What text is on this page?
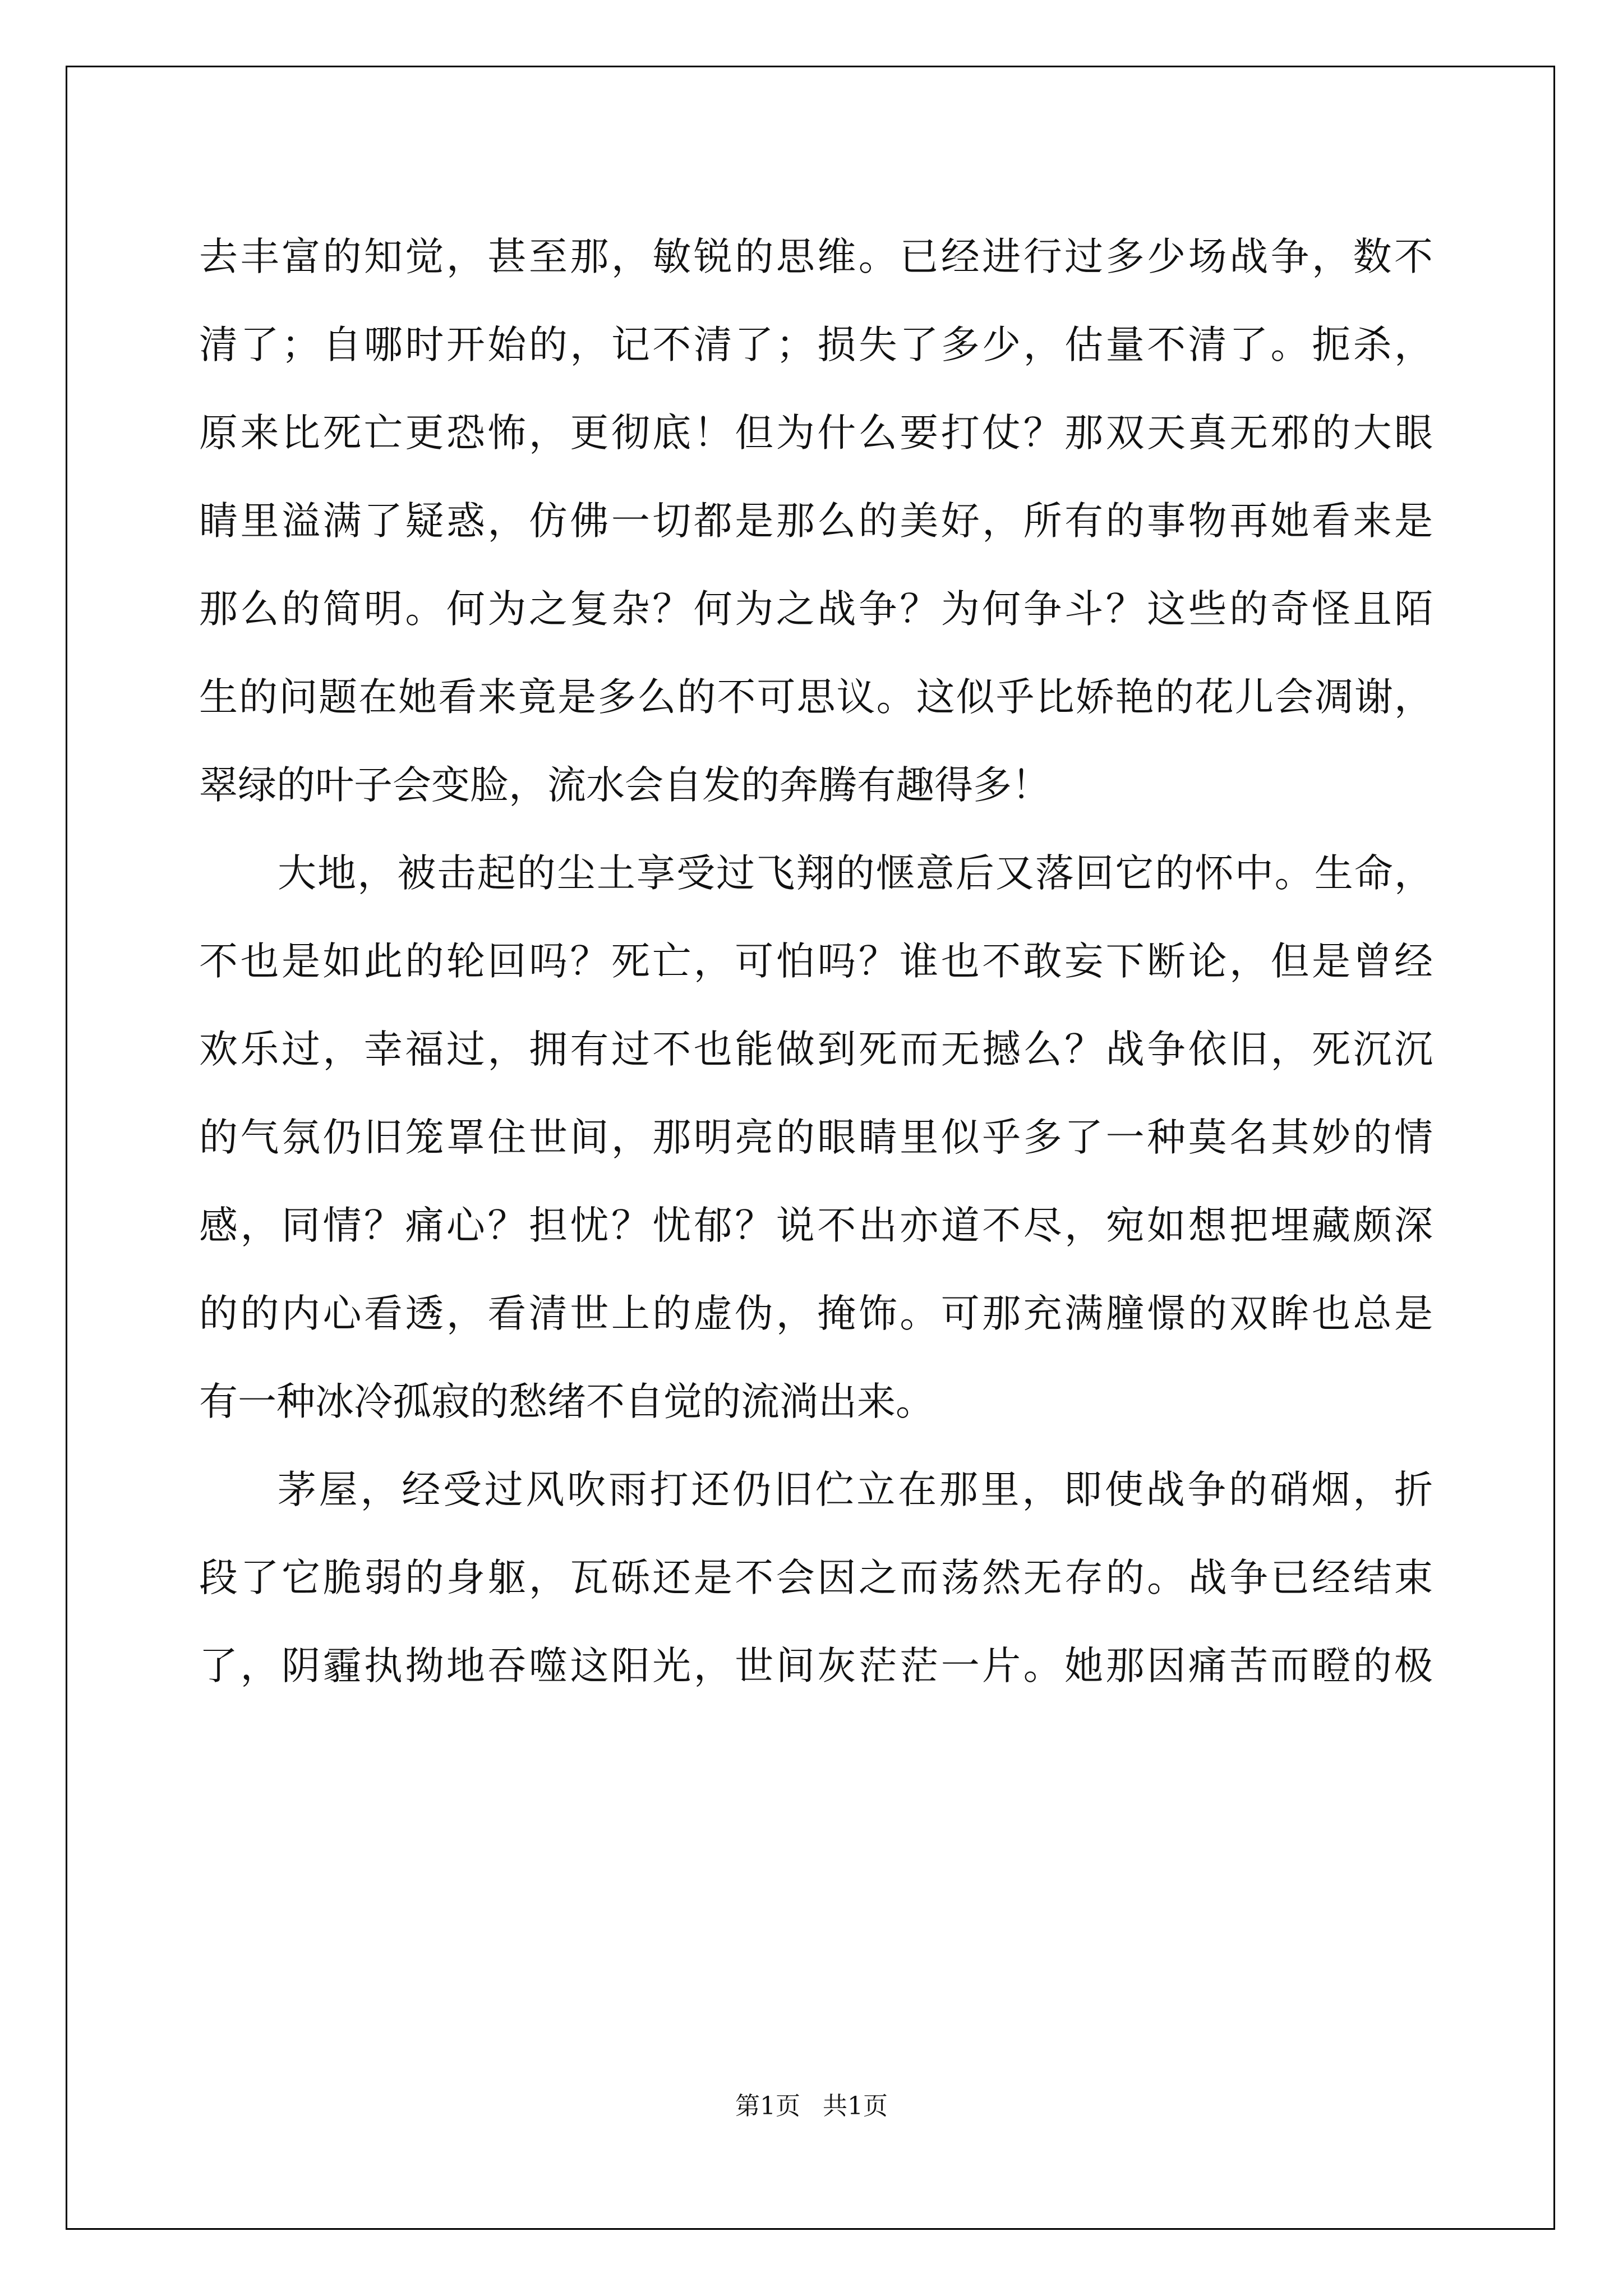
去丰富的知觉，甚至那，敏锐的思维。已经进行过多少场战争，数不
清了；自哪时开始的，记不清了；损失了多少，估量不清了。扼杀，
原来比死亡更恐怖，更彻底！但为什么要打仗？那双天真无邪的大眼
睛里溢满了疑惑，仿佛一切都是那么的美好，所有的事物再她看来是
那么的简明。何为之复杂？何为之战争？为何争斗？这些的奇怪且陌
生的问题在她看来竟是多么的不可思议。这似乎比娇艳的花儿会凋谢，
翠绿的叶子会变脸，流水会自发的奔腾有趣得多！
大地，被击起的尘土享受过飞翔的惬意后又落回它的怀中。生命，
不也是如此的轮回吗？死亡，可怕吗？谁也不敢妄下断论，但是曾经
欢乐过，幸福过，拥有过不也能做到死而无撼么？战争依旧，死沉沉
的气氛仍旧笼罩住世间，那明亮的眼睛里似乎多了一种莫名其妙的情
感，同情？痛心？担忧？忧郁？说不出亦道不尽，宛如想把埋藏颇深
的的内心看透，看清世上的虚伪，掩饰。可那充满膧憬的双眸也总是
有一种冰冷孤寂的愁绪不自觉的流淌出来。
茅屋，经受过风吹雨打还仍旧伫立在那里，即使战争的硝烟，折
段了它脆弱的身躯，瓦砾还是不会因之而荡然无存的。战争已经结束
了，阴霾执拗地吞噬这阳光，世间灰茫茫一片。她那因痛苦而瞪的极
第1页 共1页
